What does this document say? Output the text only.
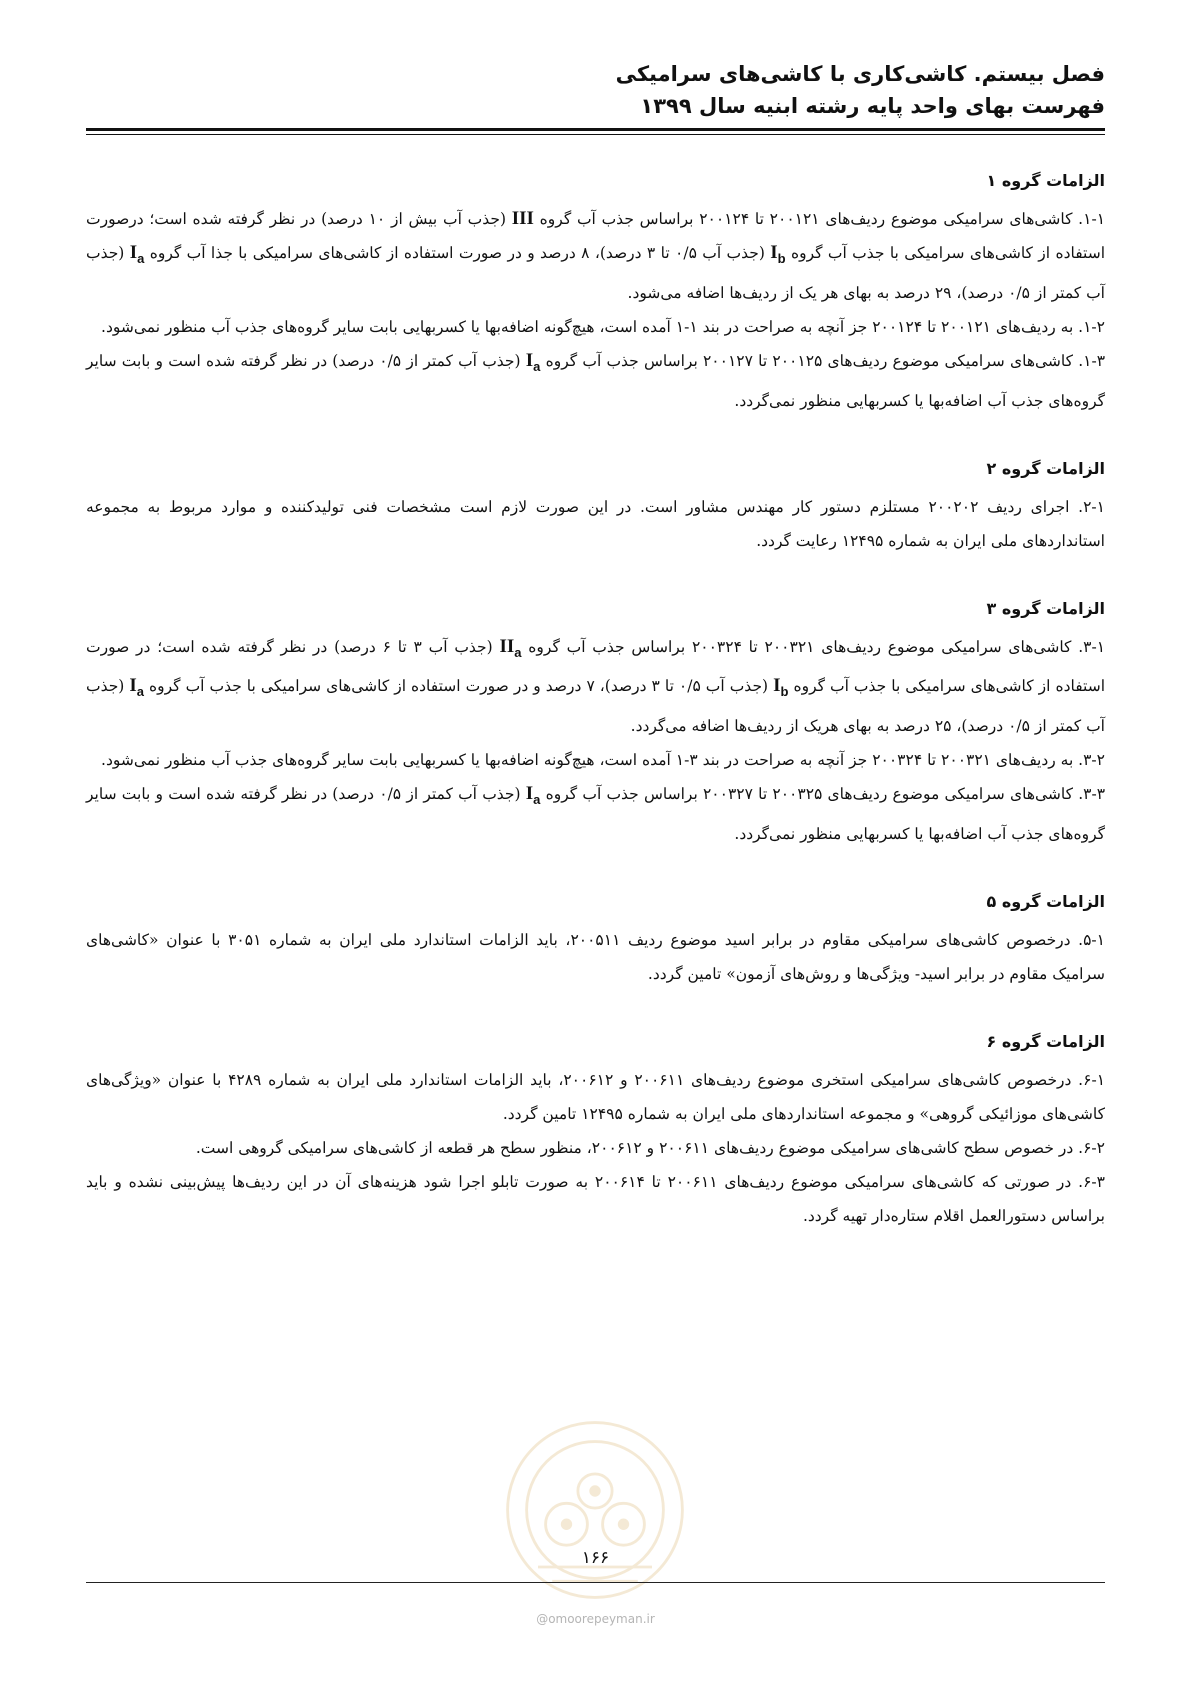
فصل بیستم. کاشی‌کاری با کاشی‌های سرامیکی
فهرست بهای واحد پایه رشته ابنیه سال ۱۳۹۹
الزامات گروه ۱

۱-۱. کاشی‌های سرامیکی موضوع ردیف‌های ۲۰۰۱۲۱ تا ۲۰۰۱۲۴ براساس جذب آب گروه III (جذب آب بیش از ۱۰ درصد) در نظر گرفته شده است؛ درصورت استفاده از کاشی‌های سرامیکی با جذب آب گروه $I_b$ (جذب آب ۰/۵ تا ۳ درصد)، ۸ درصد و در صورت استفاده از کاشی‌های سرامیکی با جذا آب گروه $I_a$ (جذب آب کمتر از ۰/۵ درصد)، ۲۹ درصد به بهای هر یک از ردیف‌ها اضافه می‌شود.

۱-۲. به ردیف‌های ۲۰۰۱۲۱ تا ۲۰۰۱۲۴ جز آنچه به صراحت در بند ۱-۱ آمده است، هیچ‌گونه اضافه‌بها یا کسربهایی بابت سایر گروه‌های جذب آب منظور نمی‌شود.

۱-۳. کاشی‌های سرامیکی موضوع ردیف‌های ۲۰۰۱۲۵ تا ۲۰۰۱۲۷ براساس جذب آب گروه $I_a$ (جذب آب کمتر از ۰/۵ درصد) در نظر گرفته شده است و بابت سایر گروه‌های جذب آب اضافه‌بها یا کسربهایی منظور نمی‌گردد.

الزامات گروه ۲

۲-۱. اجرای ردیف ۲۰۰۲۰۲ مستلزم دستور کار مهندس مشاور است. در این صورت لازم است مشخصات فنی تولیدکننده و موارد مربوط به مجموعه استانداردهای ملی ایران به شماره ۱۲۴۹۵ رعایت گردد.

الزامات گروه ۳

۳-۱. کاشی‌های سرامیکی موضوع ردیف‌های ۲۰۰۳۲۱ تا ۲۰۰۳۲۴ براساس جذب آب گروه $II_a$ (جذب آب ۳ تا ۶ درصد) در نظر گرفته شده است؛ در صورت استفاده از کاشی‌های سرامیکی با جذب آب گروه $I_b$ (جذب آب ۰/۵ تا ۳ درصد)، ۷ درصد و در صورت استفاده از کاشی‌های سرامیکی با جذب آب گروه $I_a$ (جذب آب کمتر از ۰/۵ درصد)، ۲۵ درصد به بهای هریک از ردیف‌ها اضافه می‌گردد.

۳-۲. به ردیف‌های ۲۰۰۳۲۱ تا ۲۰۰۳۲۴ جز آنچه به صراحت در بند ۳-۱ آمده است، هیچ‌گونه اضافه‌بها یا کسربهایی بابت سایر گروه‌های جذب آب منظور نمی‌شود.

۳-۳. کاشی‌های سرامیکی موضوع ردیف‌های ۲۰۰۳۲۵ تا ۲۰۰۳۲۷ براساس جذب آب گروه $I_a$ (جذب آب کمتر از ۰/۵ درصد) در نظر گرفته شده است و بابت سایر گروه‌های جذب آب اضافه‌بها یا کسربهایی منظور نمی‌گردد.

الزامات گروه ۵

۵-۱. درخصوص کاشی‌های سرامیکی مقاوم در برابر اسید موضوع ردیف ۲۰۰۵۱۱، باید الزامات استاندارد ملی ایران به شماره ۳۰۵۱ با عنوان «کاشی‌های سرامیک مقاوم در برابر اسید- ویژگی‌ها و روش‌های آزمون» تامین گردد.

الزامات گروه ۶

۶-۱. درخصوص کاشی‌های سرامیکی استخری موضوع ردیف‌های ۲۰۰۶۱۱ و ۲۰۰۶۱۲، باید الزامات استاندارد ملی ایران به شماره ۴۲۸۹ با عنوان «ویژگی‌های کاشی‌های موزائیکی گروهی» و مجموعه استانداردهای ملی ایران به شماره ۱۲۴۹۵ تامین گردد.

۶-۲. در خصوص سطح کاشی‌های سرامیکی موضوع ردیف‌های ۲۰۰۶۱۱ و ۲۰۰۶۱۲، منظور سطح هر قطعه از کاشی‌های سرامیکی گروهی است.

۶-۳. در صورتی که کاشی‌های سرامیکی موضوع ردیف‌های ۲۰۰۶۱۱ تا ۲۰۰۶۱۴ به صورت تابلو اجرا شود هزینه‌های آن در این ردیف‌ها پیش‌بینی نشده و باید براساس دستورالعمل اقلام ستاره‌دار تهیه گردد.

۱۶۶
@omoorepeyman.ir
